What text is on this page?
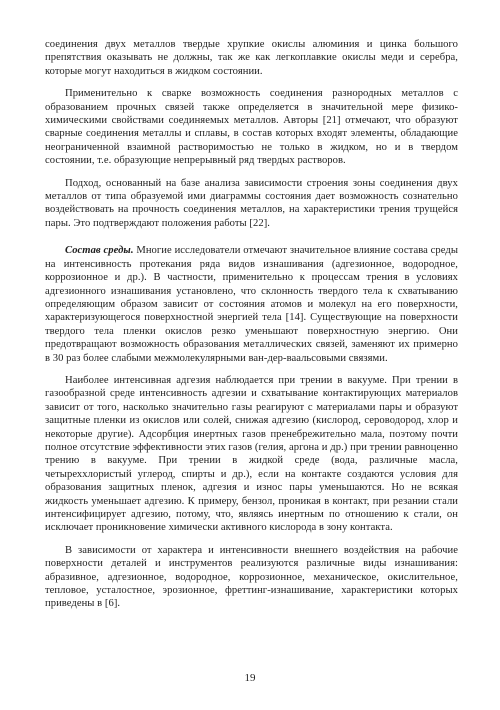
соединения двух металлов твердые хрупкие окислы алюминия и цинка большого препятствия оказывать не должны, так же как легкоплавкие окислы меди и серебра, которые могут находиться в жидком состоянии.

Применительно к сварке возможность соединения разнородных металлов с образованием прочных связей также определяется в значительной мере физико-химическими свойствами соединяемых металлов. Авторы [21] отмечают, что образуют сварные соединения металлы и сплавы, в состав которых входят элементы, обладающие неограниченной взаимной растворимостью не только в жидком, но и в твердом состоянии, т.е. образующие непрерывный ряд твердых растворов.

Подход, основанный на базе анализа зависимости строения зоны соединения двух металлов от типа образуемой ими диаграммы состояния дает возможность сознательно воздействовать на прочность соединения металлов, на характеристики трения трущейся пары. Это подтверждают положения работы [22].

Состав среды. Многие исследователи отмечают значительное влияние состава среды на интенсивность протекания ряда видов изнашивания (адгезионное, водородное, коррозионное и др.). В частности, применительно к процессам трения в условиях адгезионного изнашивания установлено, что склонность твердого тела к схватыванию определяющим образом зависит от состояния атомов и молекул на его поверхности, характеризующегося поверхностной энергией тела [14]. Существующие на поверхности твердого тела пленки окислов резко уменьшают поверхностную энергию. Они предотвращают возможность образования металлических связей, заменяют их примерно в 30 раз более слабыми межмолекулярными ван-дер-ваальсовыми связями.

Наиболее интенсивная адгезия наблюдается при трении в вакууме. При трении в газообразной среде интенсивность адгезии и схватывание контактирующих материалов зависит от того, насколько значительно газы реагируют с материалами пары и образуют защитные пленки из окислов или солей, снижая адгезию (кислород, сероводород, хлор и некоторые другие). Адсорбция инертных газов пренебрежительно мала, поэтому почти полное отсутствие эффективности этих газов (гелия, аргона и др.) при трении равноценно трению в вакууме. При трении в жидкой среде (вода, различные масла, четыреххлористый углерод, спирты и др.), если на контакте создаются условия для образования защитных пленок, адгезия и износ пары уменьшаются. Но не всякая жидкость уменьшает адгезию. К примеру, бензол, проникая в контакт, при резании стали интенсифицирует адгезию, потому, что, являясь инертным по отношению к стали, он исключает проникновение химически активного кислорода в зону контакта.

В зависимости от характера и интенсивности внешнего воздействия на рабочие поверхности деталей и инструментов реализуются различные виды изнашивания: абразивное, адгезионное, водородное, коррозионное, механическое, окислительное, тепловое, усталостное, эрозионное, фреттинг-изнашивание, характеристики которых приведены в [6].

19
